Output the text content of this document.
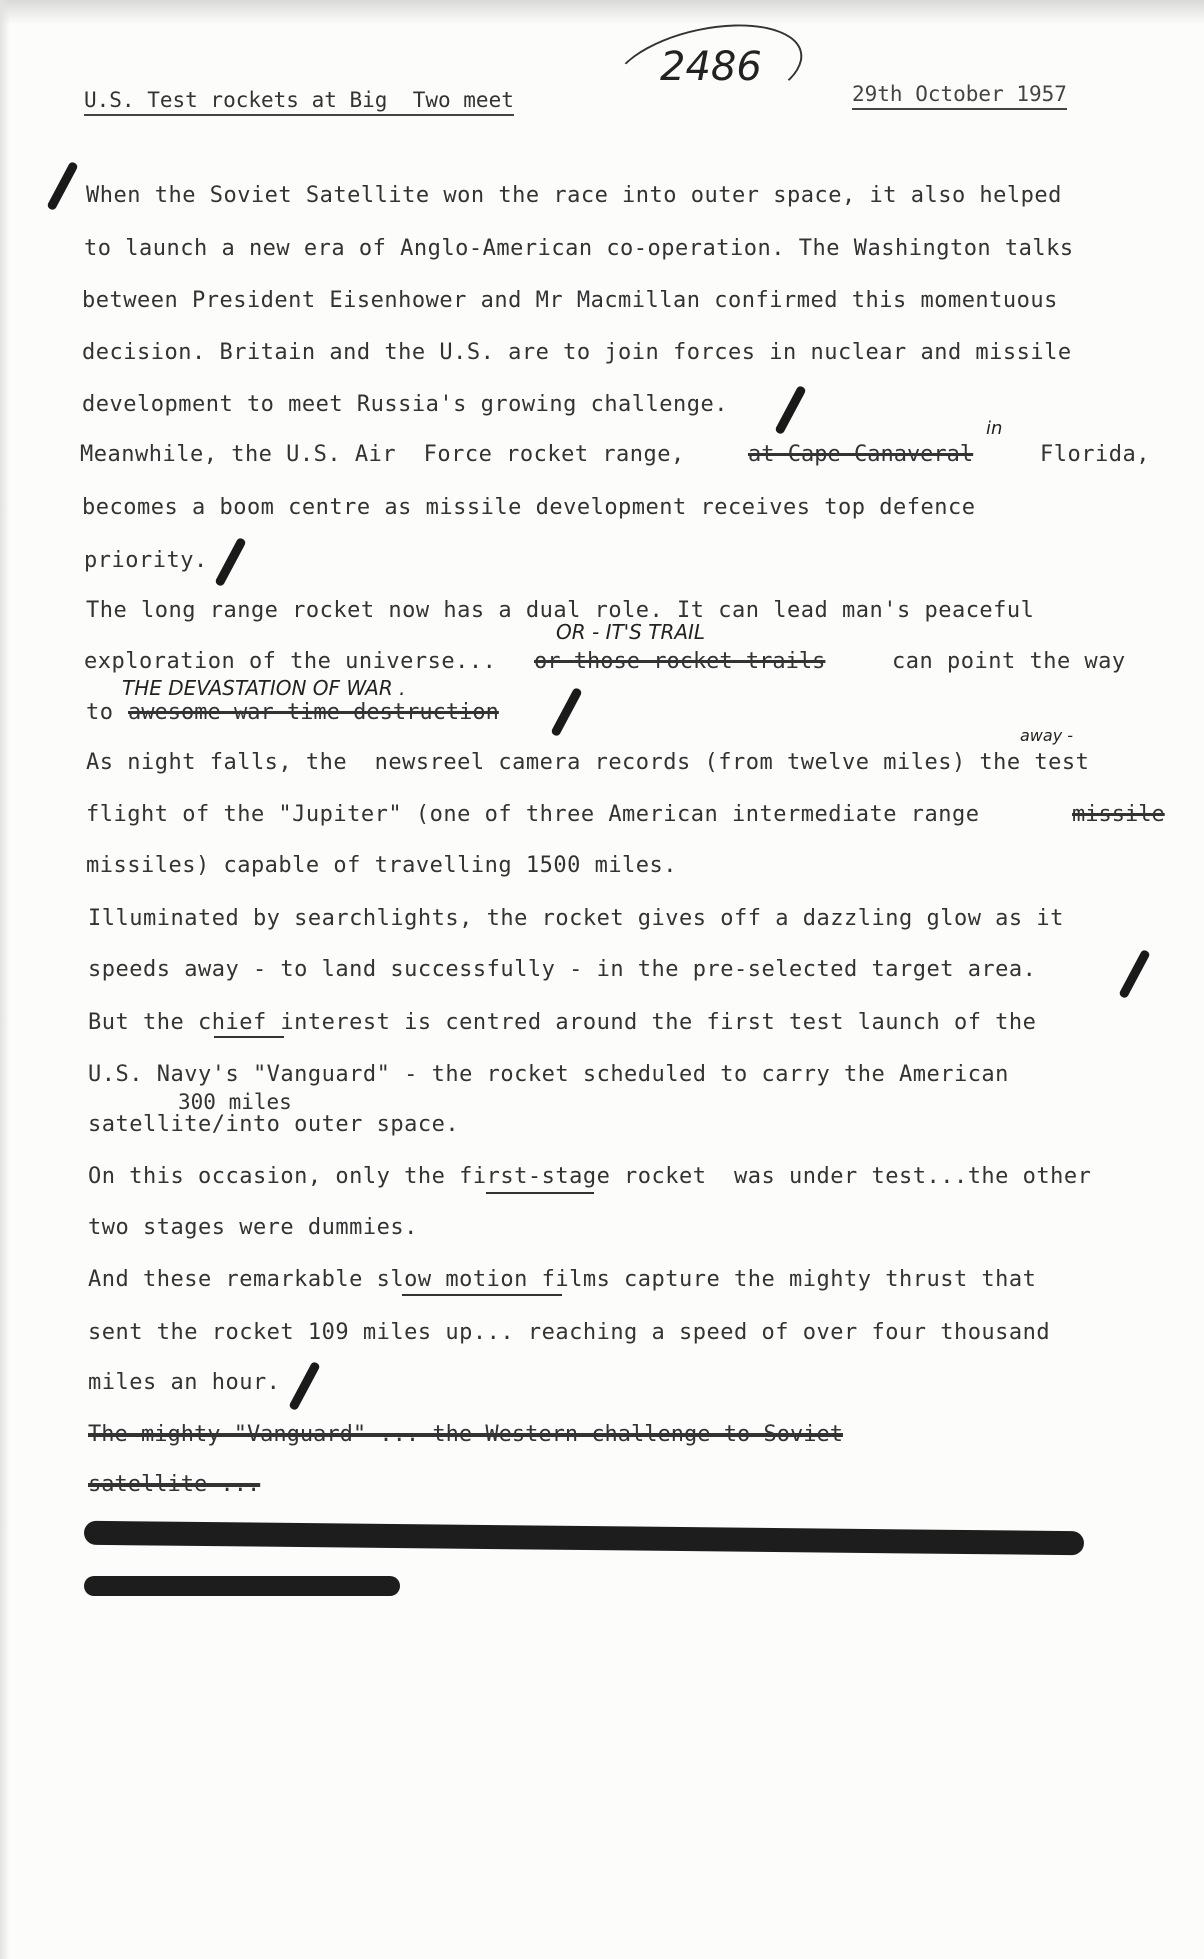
U.S. Test rockets at Big  Two meet
2486
29th October 1957
When the Soviet Satellite won the race into outer space, it also helped
to launch a new era of Anglo-American co-operation. The Washington talks
between President Eisenhower and Mr Macmillan confirmed this momentuous
decision. Britain and the U.S. are to join forces in nuclear and missile
development to meet Russia's growing challenge.
Meanwhile, the U.S. Air  Force rocket range,	at Cape Canaveral
in
Florida,
becomes a boom centre as missile development receives top defence
priority.
The long range rocket now has a dual role. It can lead man's peaceful
exploration of the universe...
OR - IT'S TRAIL
or those rocket trails	can point the way
THE DEVASTATION OF WAR .
to awesome war-time destruction
away -
As night falls, the  newsreel camera records (from twelve miles) the test
flight of the "Jupiter" (one of three American intermediate range	missile
missiles) capable of travelling 1500 miles.
Illuminated by searchlights, the rocket gives off a dazzling glow as it
speeds away - to land successfully - in the pre-selected target area.
But the chief interest is centred around the first test launch of the
U.S. Navy's "Vanguard" - the rocket scheduled to carry the American
300 miles
satellite/into outer space.
On this occasion, only the first-stage rocket  was under test...the other
two stages were dummies.
And these remarkable slow motion films capture the mighty thrust that
sent the rocket 109 miles up... reaching a speed of over four thousand
miles an hour.
The mighty "Vanguard" ... the Western challenge to Soviet
satellite ...
